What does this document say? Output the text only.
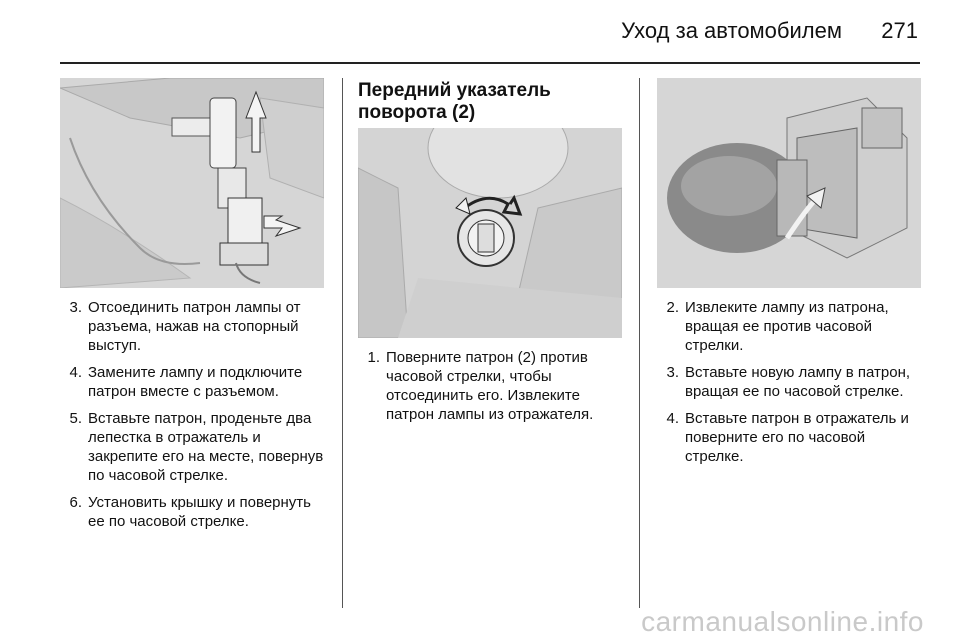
Уход за автомобилем 271
Передний указатель поворота (2)
3. Отсоединить патрон лампы от разъема, нажав на стопорный выступ.
4. Замените лампу и подключите патрон вместе с разъемом.
5. Вставьте патрон, проденьте два лепестка в отражатель и закрепите его на месте, повернув по часовой стрелке.
6. Установить крышку и повернуть ее по часовой стрелке.
1. Поверните патрон (2) против часовой стрелки, чтобы отсоединить его. Извлеките патрон лампы из отражателя.
2. Извлеките лампу из патрона, вращая ее против часовой стрелки.
3. Вставьте новую лампу в патрон, вращая ее по часовой стрелке.
4. Вставьте патрон в отражатель и поверните его по часовой стрелке.
carmanualsonline.info
